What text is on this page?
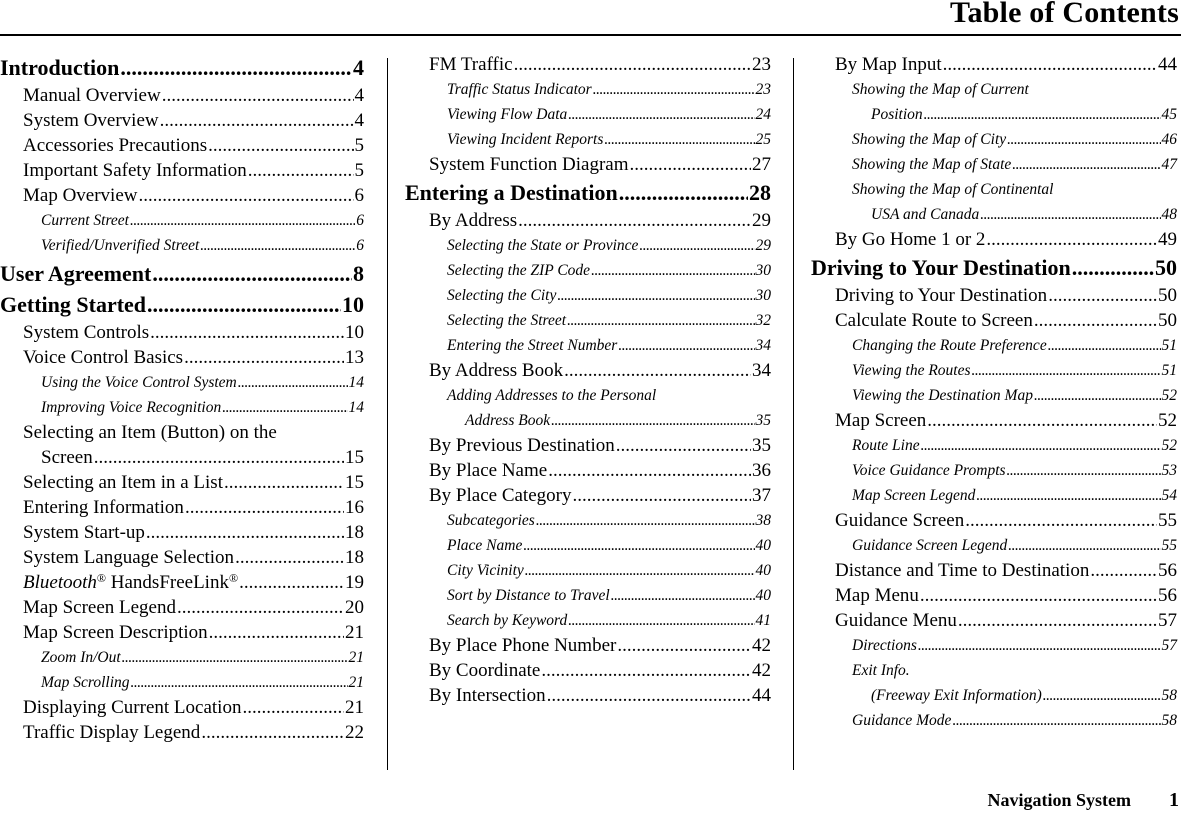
Table of Contents
Introduction .....	4
Manual Overview .....	4
System Overview .....	4
Accessories Precautions .....	5
Important Safety Information .....	5
Map Overview .....	6
Current Street .....	6
Verified/Unverified Street .....	6
User Agreement .....	8
Getting Started .....	10
System Controls .....	10
Voice Control Basics .....	13
Using the Voice Control System .....	14
Improving Voice Recognition .....	14
Selecting an Item (Button) on the
Screen .....	15
Selecting an Item in a List .....	15
Entering Information .....	16
System Start-up .....	18
System Language Selection .....	18
Bluetooth® HandsFreeLink® .....	19
Map Screen Legend .....	20
Map Screen Description .....	21
Zoom In/Out .....	21
Map Scrolling .....	21
Displaying Current Location .....	21
Traffic Display Legend .....	22
FM Traffic .....	23
Traffic Status Indicator .....	23
Viewing Flow Data .....	24
Viewing Incident Reports .....	25
System Function Diagram .....	27
Entering a Destination .....	28
By Address .....	29
Selecting the State or Province .....	29
Selecting the ZIP Code .....	30
Selecting the City .....	30
Selecting the Street .....	32
Entering the Street Number .....	34
By Address Book .....	34
Adding Addresses to the Personal
Address Book .....	35
By Previous Destination .....	35
By Place Name .....	36
By Place Category .....	37
Subcategories .....	38
Place Name .....	40
City Vicinity .....	40
Sort by Distance to Travel .....	40
Search by Keyword .....	41
By Place Phone Number .....	42
By Coordinate .....	42
By Intersection .....	44
By Map Input .....	44
Showing the Map of Current
Position .....	45
Showing the Map of City .....	46
Showing the Map of State .....	47
Showing the Map of Continental
USA and Canada .....	48
By Go Home 1 or 2 .....	49
Driving to Your Destination .....	50
Driving to Your Destination .....	50
Calculate Route to Screen .....	50
Changing the Route Preference .....	51
Viewing the Routes .....	51
Viewing the Destination Map .....	52
Map Screen .....	52
Route Line .....	52
Voice Guidance Prompts .....	53
Map Screen Legend .....	54
Guidance Screen .....	55
Guidance Screen Legend .....	55
Distance and Time to Destination .....	56
Map Menu .....	56
Guidance Menu .....	57
Directions .....	57
Exit Info.
(Freeway Exit Information) .....	58
Guidance Mode .....	58
Navigation System 1
